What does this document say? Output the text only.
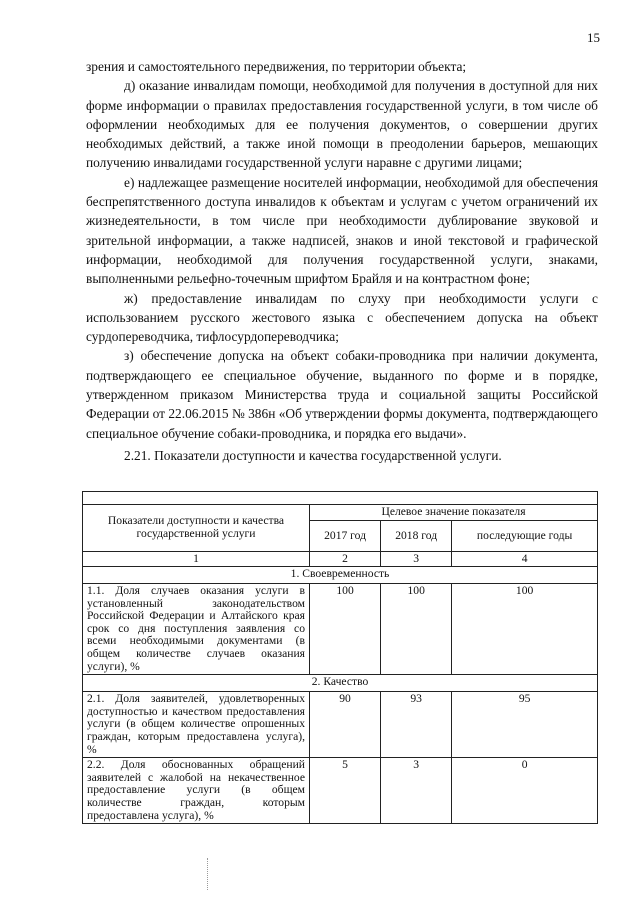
15

зрения и самостоятельного передвижения, по территории объекта;

д) оказание инвалидам помощи, необходимой для получения в доступной для них форме информации о правилах предоставления государственной услуги, в том числе об оформлении необходимых для ее получения документов, о совершении других необходимых действий, а также иной помощи в преодолении барьеров, мешающих получению инвалидами государственной услуги наравне с другими лицами;

е) надлежащее размещение носителей информации, необходимой для обеспечения беспрепятственного доступа инвалидов к объектам и услугам с учетом ограничений их жизнедеятельности, в том числе при необходимости дублирование звуковой и зрительной информации, а также надписей, знаков и иной текстовой и графической информации, необходимой для получения государственной услуги, знаками, выполненными рельефно-точечным шрифтом Брайля и на контрастном фоне;

ж) предоставление инвалидам по слуху при необходимости услуги с использованием русского жестового языка с обеспечением допуска на объект сурдопереводчика, тифлосурдопереводчика;

з) обеспечение допуска на объект собаки-проводника при наличии документа, подтверждающего ее специальное обучение, выданного по форме и в порядке, утвержденном приказом Министерства труда и социальной защиты Российской Федерации от 22.06.2015 № 386н «Об утверждении формы документа, подтверждающего специальное обучение собаки-проводника, и порядка его выдачи».

2.21. Показатели доступности и качества государственной услуги.

Показатели доступности и качества государственной услуги	Целевое значение показателя		
	2017 год	2018 год	последующие годы
1	2	3	4
1. Своевременность			
1.1. Доля случаев оказания услуги в установленный законодательством Российской Федерации и Алтайского края срок со дня поступления заявления со всеми необходимыми документами (в общем количестве случаев оказания услуги), %	100	100	100
2. Качество			
2.1. Доля заявителей, удовлетворенных доступностью и качеством предоставления услуги (в общем количестве опрошенных граждан, которым предоставлена услуга), %	90	93	95
2.2. Доля обоснованных обращений заявителей с жалобой на некачественное предоставление услуги (в общем количестве граждан, которым предоставлена услуга), %	5	3	0
